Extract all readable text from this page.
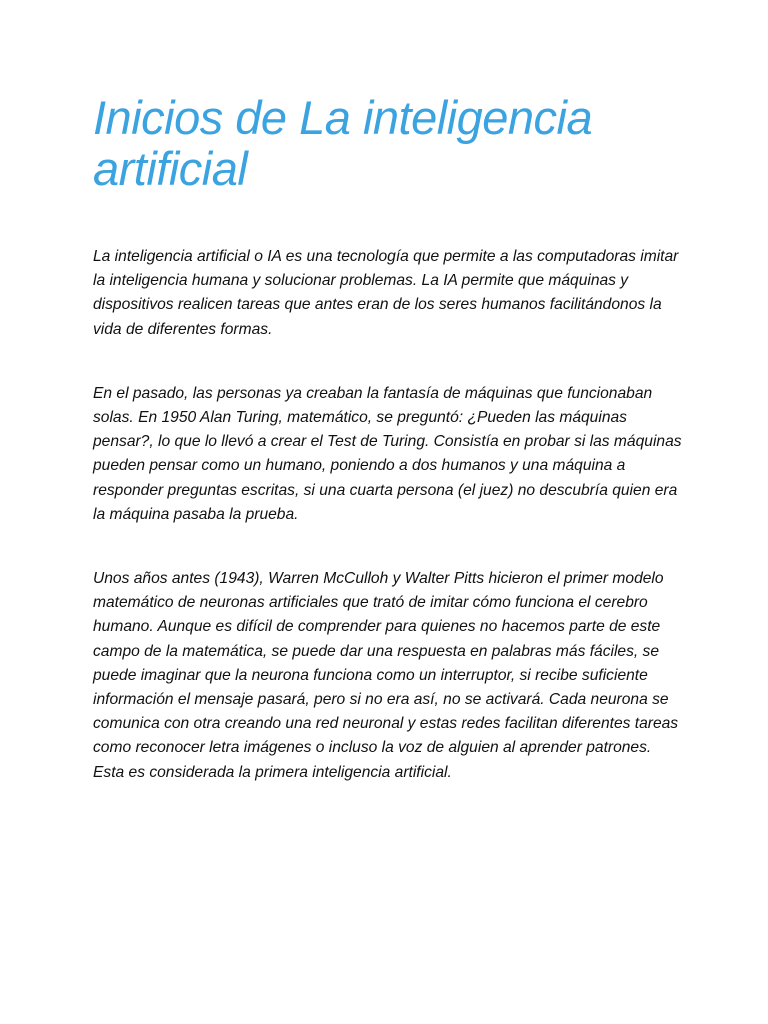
Inicios de La inteligencia artificial

La inteligencia artificial o IA es una tecnología que permite a las computadoras imitar la inteligencia humana y solucionar problemas. La IA permite que máquinas y dispositivos realicen tareas que antes eran de los seres humanos facilitándonos la vida de diferentes formas.

En el pasado, las personas ya creaban la fantasía de máquinas que funcionaban solas. En 1950 Alan Turing, matemático, se preguntó: ¿Pueden las máquinas pensar?, lo que lo llevó a crear el Test de Turing. Consistía en probar si las máquinas pueden pensar como un humano, poniendo a dos humanos y una máquina a responder preguntas escritas, si una cuarta persona (el juez) no descubría quien era la máquina pasaba la prueba.

Unos años antes (1943), Warren McCulloh y Walter Pitts hicieron el primer modelo matemático de neuronas artificiales que trató de imitar cómo funciona el cerebro humano. Aunque es difícil de comprender para quienes no hacemos parte de este campo de la matemática, se puede dar una respuesta en palabras más fáciles, se puede imaginar que la neurona funciona como un interruptor, si recibe suficiente información el mensaje pasará, pero si no era así, no se activará. Cada neurona se comunica con otra creando una red neuronal y estas redes facilitan diferentes tareas como reconocer letra imágenes o incluso la voz de alguien al aprender patrones. Esta es considerada la primera inteligencia artificial.
